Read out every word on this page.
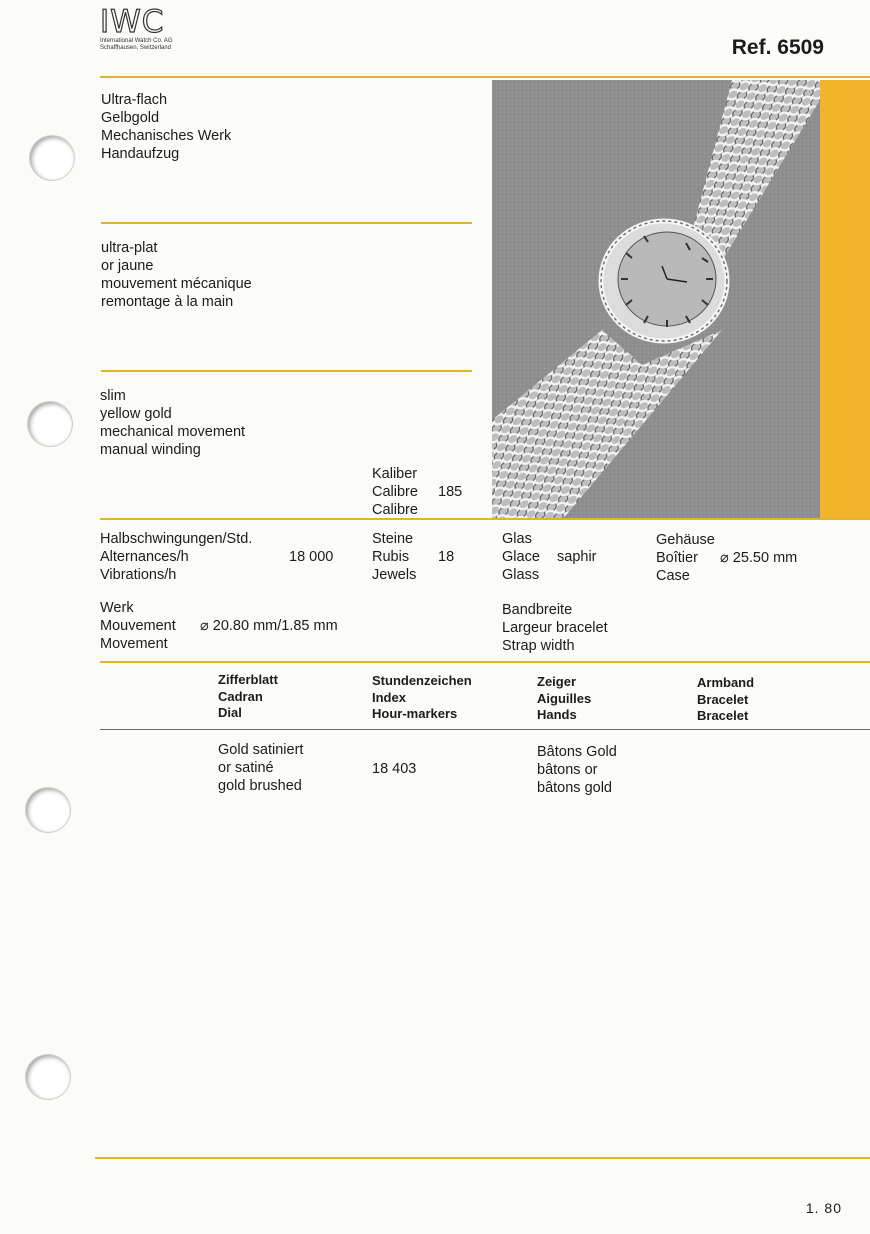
IWC
International Watch Co. AG
Schaffhausen, Switzerland	Ref. 6509
Ultra-flach
Gelbgold
Mechanisches Werk
Handaufzug
ultra-plat
or jaune
mouvement mécanique
remontage à la main
slim
yellow gold
mechanical movement
manual winding
Kaliber
Calibre
Calibre
185
Halbschwingungen/Std.
Alternances/h
Vibrations/h
18 000
Steine
Rubis
Jewels
18
Glas
Glace
Glass
saphir
Gehäuse
Boîtier
Case
⌀ 25.50 mm
Werk
Mouvement
Movement
⌀ 20.80 mm/1.85 mm
Bandbreite
Largeur bracelet
Strap width
Zifferblatt
Cadran
Dial
Stundenzeichen
Index
Hour-markers
Zeiger
Aiguilles
Hands
Armband
Bracelet
Bracelet
Gold satiniert
or satiné
gold brushed
18 403
Bâtons Gold
bâtons or
bâtons gold
1. 80
